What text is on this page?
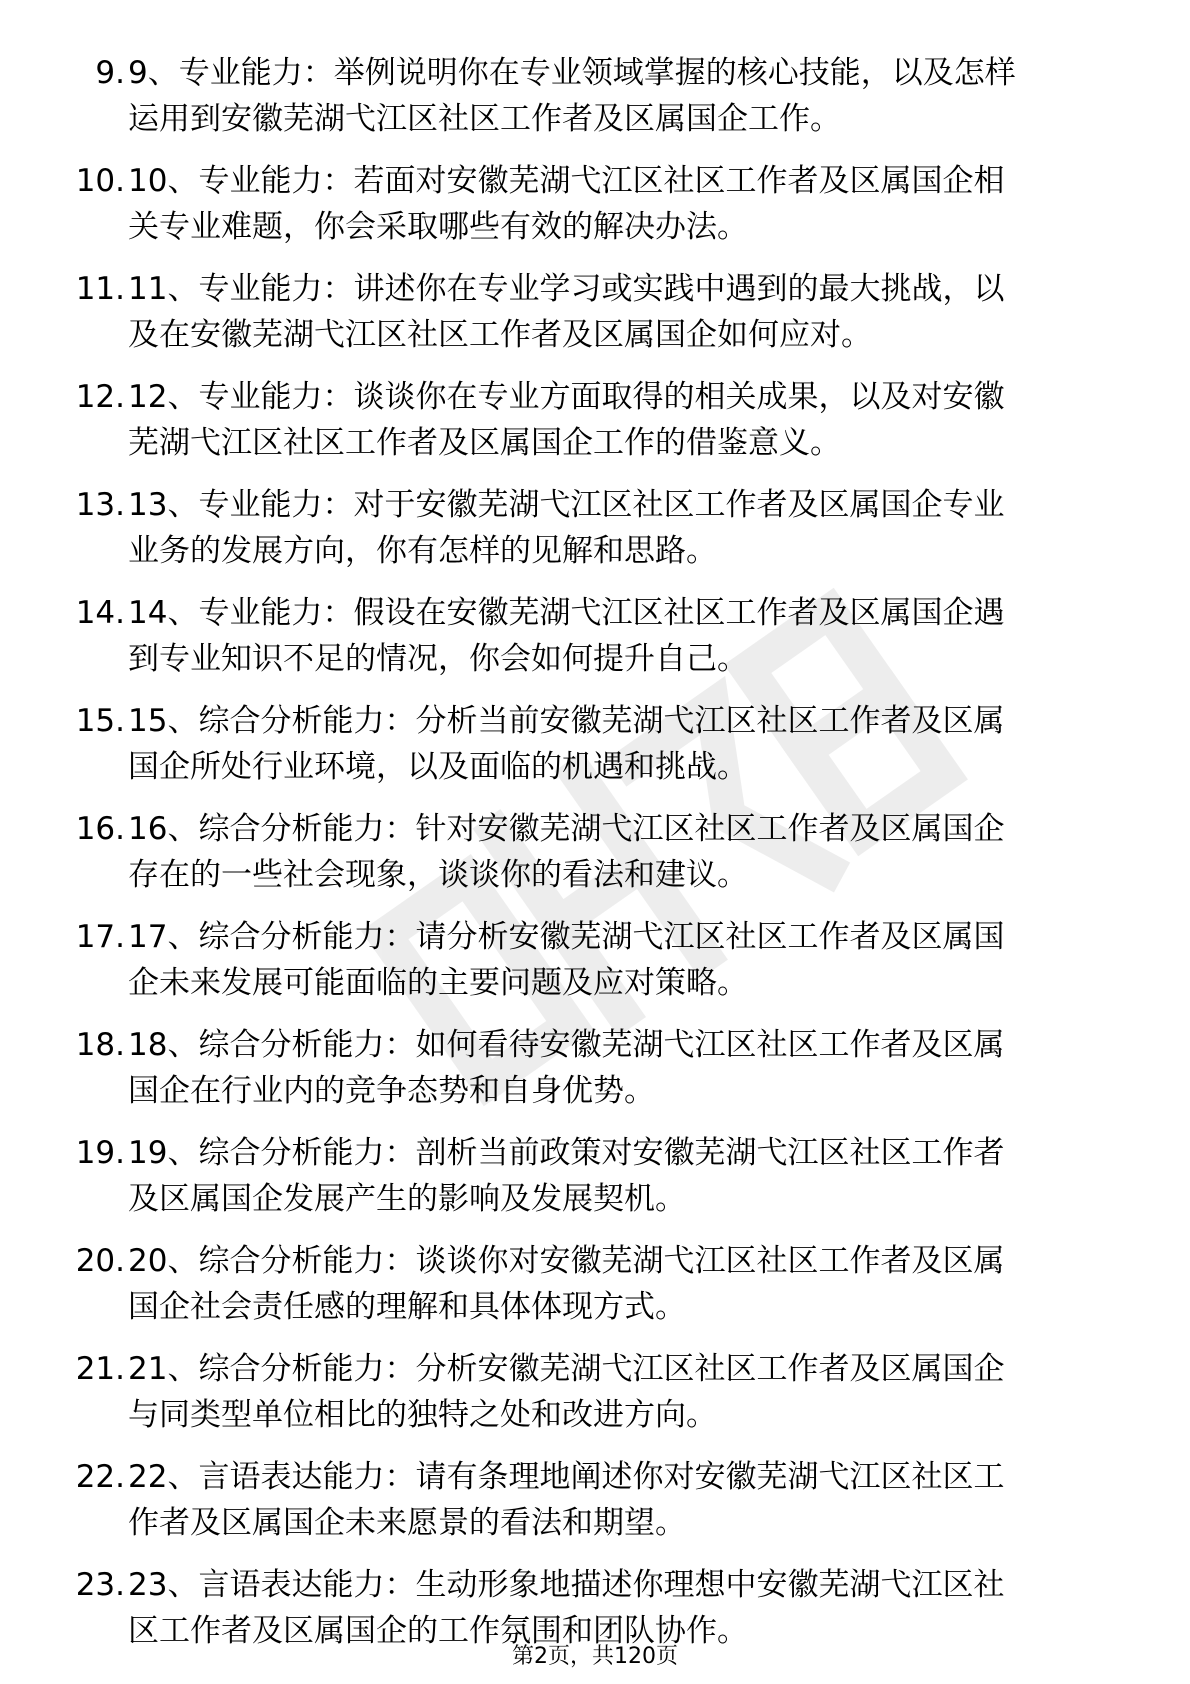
9. 9、专业能力：举例说明你在专业领域掌握的核心技能，以及怎样
运用到安徽芜湖弋江区社区工作者及区属国企工作。
10. 10、专业能力：若面对安徽芜湖弋江区社区工作者及区属国企相
关专业难题，你会采取哪些有效的解决办法。
11. 11、专业能力：讲述你在专业学习或实践中遇到的最大挑战，以
及在安徽芜湖弋江区社区工作者及区属国企如何应对。
12. 12、专业能力：谈谈你在专业方面取得的相关成果，以及对安徽
芜湖弋江区社区工作者及区属国企工作的借鉴意义。
13. 13、专业能力：对于安徽芜湖弋江区社区工作者及区属国企专业
业务的发展方向，你有怎样的见解和思路。
14. 14、专业能力：假设在安徽芜湖弋江区社区工作者及区属国企遇
到专业知识不足的情况，你会如何提升自己。
15. 15、综合分析能力：分析当前安徽芜湖弋江区社区工作者及区属
国企所处行业环境，以及面临的机遇和挑战。
16. 16、综合分析能力：针对安徽芜湖弋江区社区工作者及区属国企
存在的一些社会现象，谈谈你的看法和建议。
17. 17、综合分析能力：请分析安徽芜湖弋江区社区工作者及区属国
企未来发展可能面临的主要问题及应对策略。
18. 18、综合分析能力：如何看待安徽芜湖弋江区社区工作者及区属
国企在行业内的竞争态势和自身优势。
19. 19、综合分析能力：剖析当前政策对安徽芜湖弋江区社区工作者
及区属国企发展产生的影响及发展契机。
20. 20、综合分析能力：谈谈你对安徽芜湖弋江区社区工作者及区属
国企社会责任感的理解和具体体现方式。
21. 21、综合分析能力：分析安徽芜湖弋江区社区工作者及区属国企
与同类型单位相比的独特之处和改进方向。
22. 22、言语表达能力：请有条理地阐述你对安徽芜湖弋江区社区工
作者及区属国企未来愿景的看法和期望。
23. 23、言语表达能力：生动形象地描述你理想中安徽芜湖弋江区社
区工作者及区属国企的工作氛围和团队协作。
第2页，共120页
